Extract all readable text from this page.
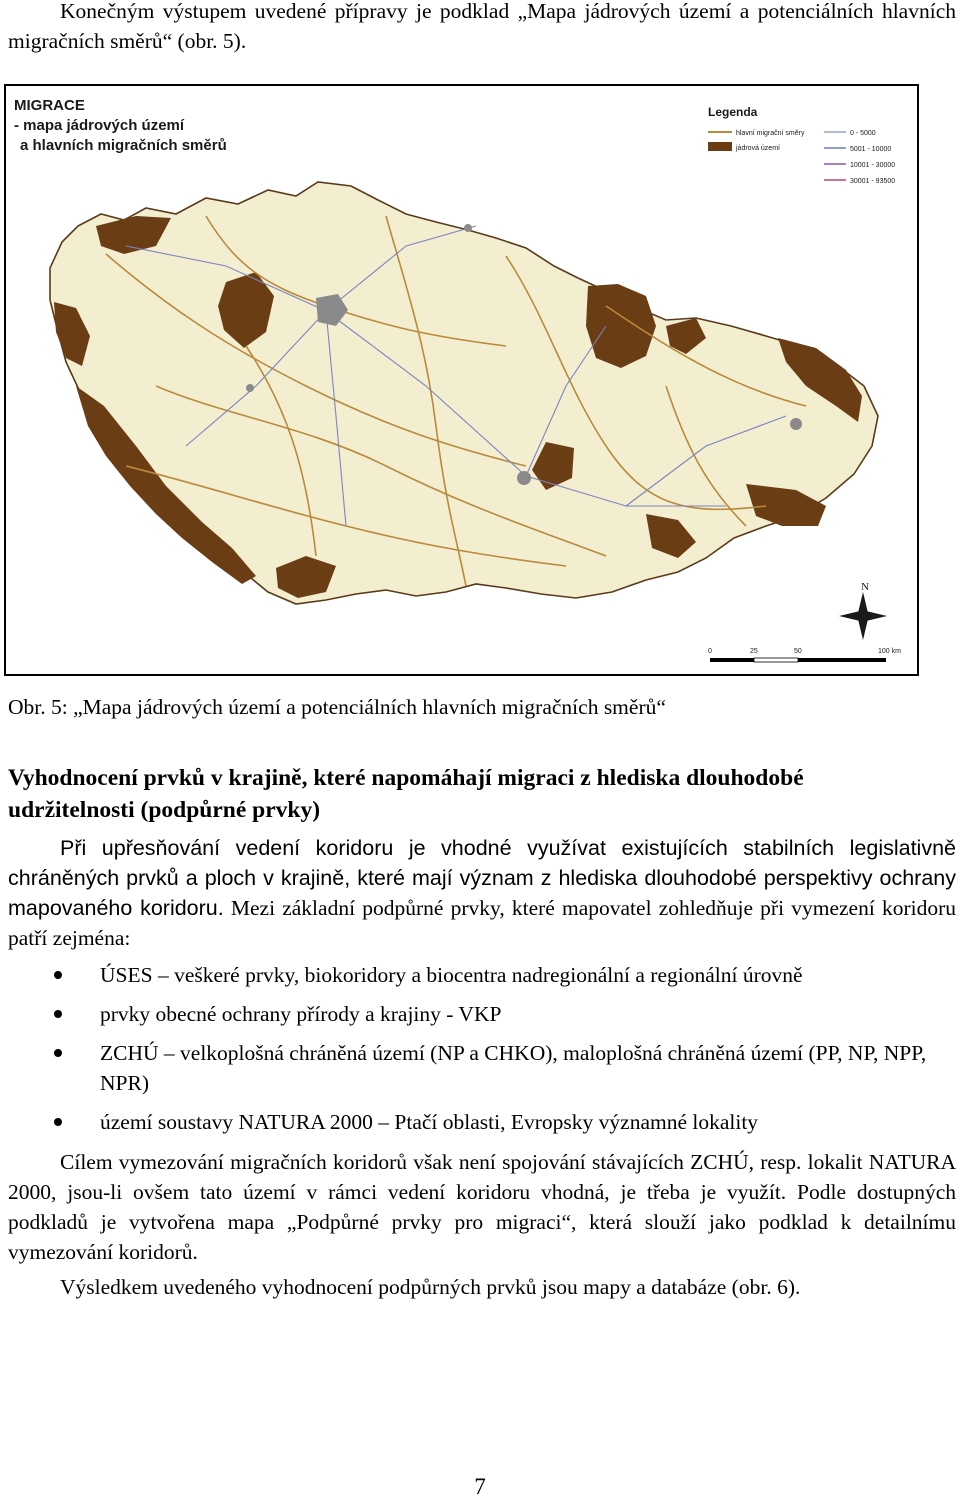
Konečným výstupem uvedené přípravy je podklad „Mapa jádrových území a potenciálních hlavních migračních směrů“ (obr. 5).
MIGRACE
- mapa jádrových území
a hlavních migračních směrů
Legenda
hlavní migrační směry
jádrová území
0 - 5000
5001 - 10000
10001 - 30000
30001 - 93500
N
0	25	50	100 km
Obr. 5: „Mapa jádrových území a potenciálních hlavních migračních směrů“
Vyhodnocení prvků v krajině, které napomáhají migraci z hlediska dlouhodobé udržitelnosti (podpůrné prvky)
Při upřesňování vedení koridoru je vhodné využívat existujících stabilních legislativně chráněných prvků a ploch v krajině, které mají význam z hlediska dlouhodobé perspektivy ochrany mapovaného koridoru. Mezi základní podpůrné prvky, které mapovatel zohledňuje při vymezení koridoru patří zejména:
ÚSES – veškeré prvky, biokoridory a biocentra nadregionální a regionální úrovně
prvky obecné ochrany přírody a krajiny - VKP
ZCHÚ – velkoplošná chráněná území (NP a CHKO), maloplošná chráněná území (PP, NP, NPP, NPR)
území soustavy NATURA 2000 – Ptačí oblasti, Evropsky významné lokality
Cílem vymezování migračních koridorů však není spojování stávajících ZCHÚ, resp. lokalit NATURA 2000, jsou-li ovšem tato území v rámci vedení koridoru vhodná, je třeba je využít. Podle dostupných podkladů je vytvořena mapa „Podpůrné prvky pro migraci“, která slouží jako podklad k detailnímu vymezování koridorů.
Výsledkem uvedeného vyhodnocení podpůrných prvků jsou mapy a databáze (obr. 6).
7
